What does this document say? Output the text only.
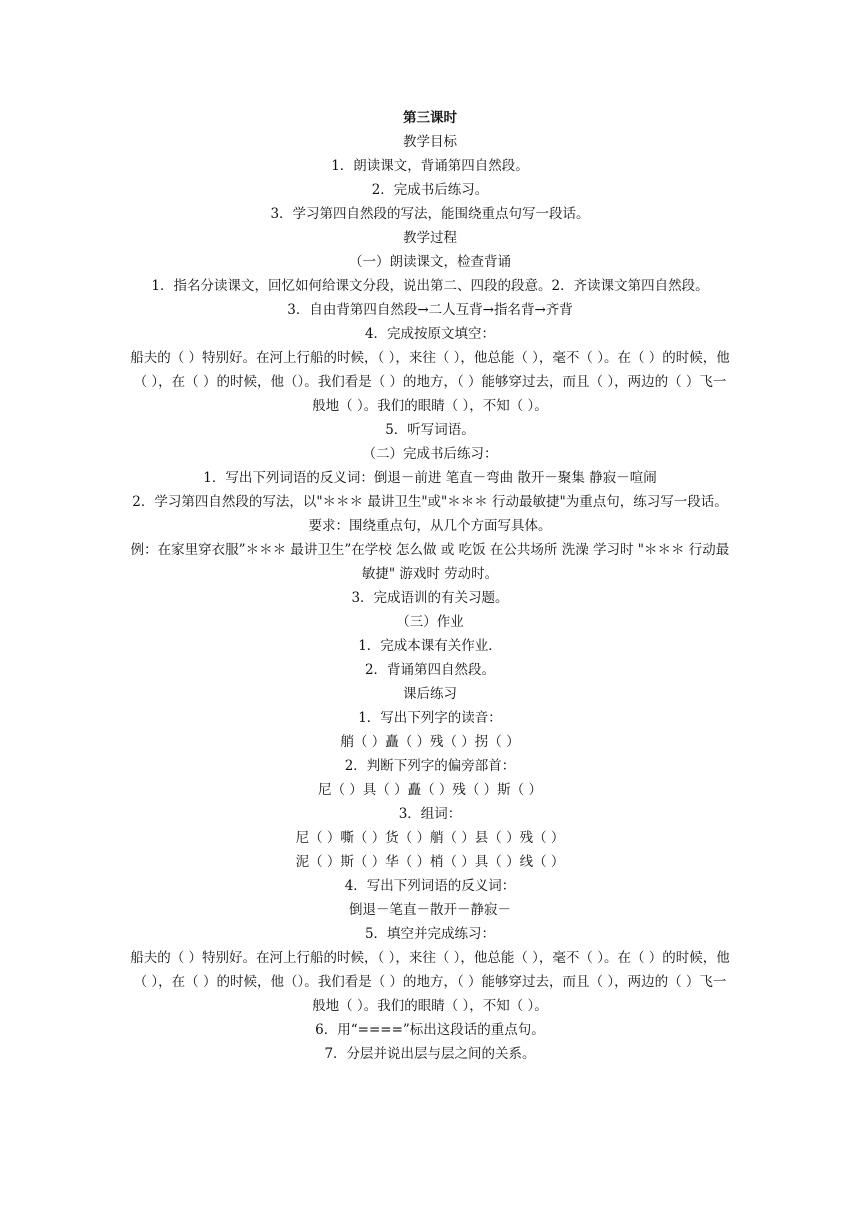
第三课时

教学目标

1．朗读课文，背诵第四自然段。

2．完成书后练习。

3．学习第四自然段的写法，能围绕重点句写一段话。

教学过程

（一）朗读课文，检查背诵

1．指名分读课文，回忆如何给课文分段，说出第二、四段的段意。2．齐读课文第四自然段。

3．自由背第四自然段→二人互背→指名背→齐背

4．完成按原文填空：

船夫的（ ）特别好。在河上行船的时候，（ ），来往（ ），他总能（ ），毫不（ ）。在（ ）的时候，他（ ），在（ ）的时候，他（）。我们看是（ ）的地方，（ ）能够穿过去，而且（ ），两边的（ ）飞一般地（ ）。我们的眼睛（ ），不知（ ）。

5．听写词语。

（二）完成书后练习：

1．写出下列词语的反义词：倒退－前进 笔直－弯曲 散开－聚集 静寂－喧闹

2．学习第四自然段的写法，以"＊＊＊ 最讲卫生"或"＊＊＊ 行动最敏捷"为重点句，练习写一段话。

要求：围绕重点句，从几个方面写具体。

例：在家里穿衣服”＊＊＊ 最讲卫生”在学校 怎么做 或 吃饭 在公共场所 洗澡 学习时 "＊＊＊ 行动最敏捷" 游戏时 劳动时。

3．完成语训的有关习题。

（三）作业

1．完成本课有关作业．

2．背诵第四自然段。

课后练习

1．写出下列字的读音：

艄（ ）矗（ ）残（ ）拐（ ）

2．判断下列字的偏旁部首：

尼（ ）具（ ）矗（ ）残（ ）斯（ ）

3．组词：

尼（ ）嘶（ ）货（ ）艄（ ）县（ ）残（ ）

泥（ ）斯（ ）华（ ）梢（ ）具（ ）线（ ）

4．写出下列词语的反义词：

倒退－笔直－散开－静寂－

5．填空并完成练习：

船夫的（ ）特别好。在河上行船的时候，（ ），来往（ ），他总能（ ），毫不（ ）。在（ ）的时候，他（ ），在（ ）的时候，他（）。我们看是（ ）的地方，（ ）能够穿过去，而且（ ），两边的（ ）飞一般地（ ）。我们的眼睛（ ），不知（ ）。

6．用“====”标出这段话的重点句。

7．分层并说出层与层之间的关系。
